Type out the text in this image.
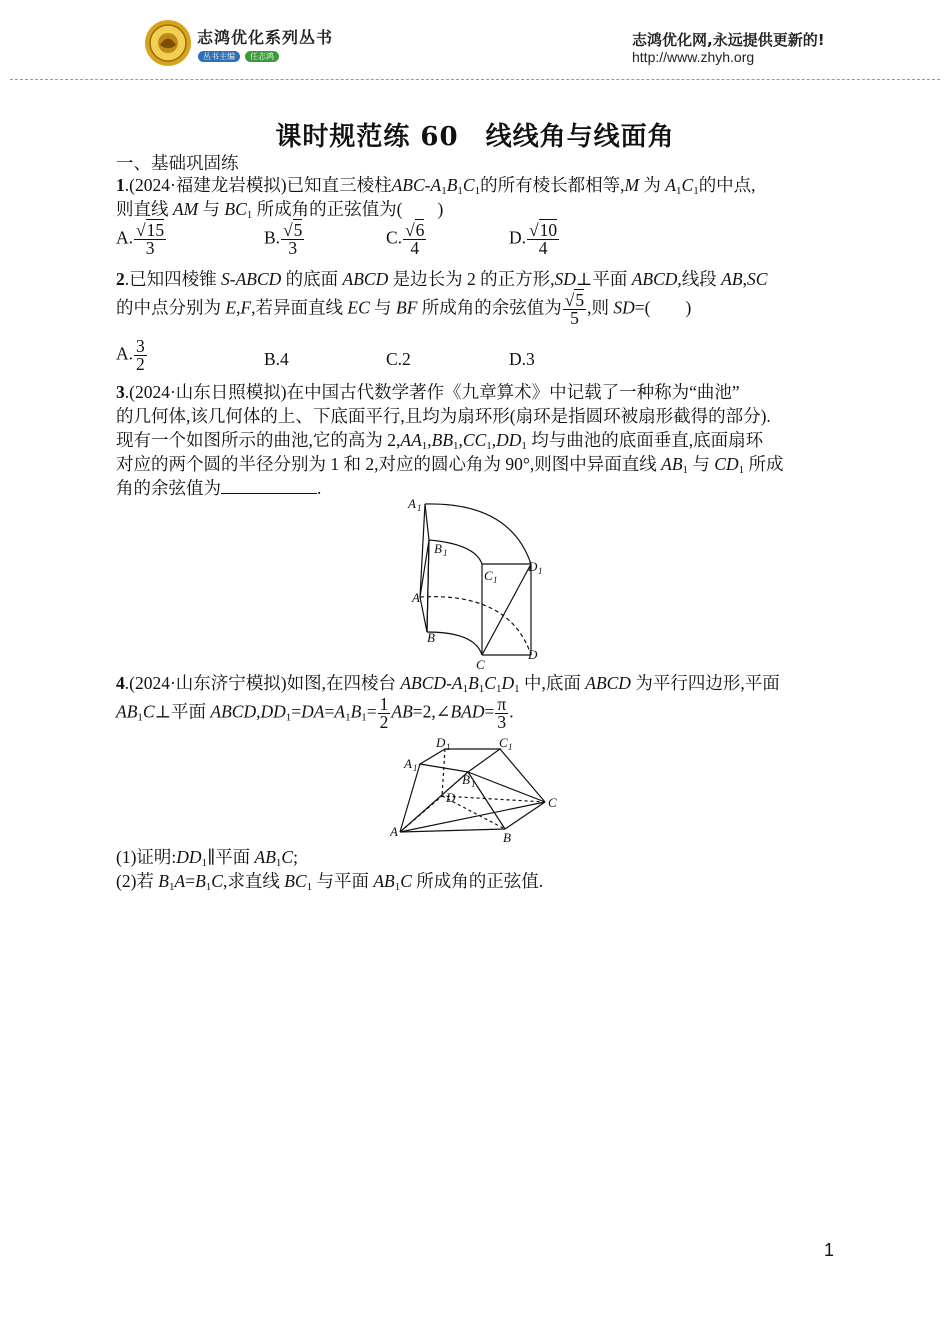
志鸿优化系列丛书
丛书主编	任志鸿
志鸿优化网,永远提供更新的!
http://www.zhyh.org
课时规范练 60　线线角与线面角
一、基础巩固练
1.(2024·福建龙岩模拟)已知直三棱柱ABC-$A_1B_1C_1$的所有棱长都相等,M 为 $A_1C_1$的中点,
则直线 AM 与 $BC_1$ 所成角的正弦值为(　　)
A. $\frac{√15}{3}$	B. $\frac{√5}{3}$	C. $\frac{√6}{4}$	D. $\frac{√10}{4}$
2.已知四棱锥 S-ABCD 的底面 ABCD 是边长为 2 的正方形,SD⊥平面 ABCD,线段 AB,SC
的中点分别为 E,F,若异面直线 EC 与 BF 所成角的余弦值为 $\frac{√5}{5}$ ,则 SD=(　　)
A. $\frac{3}{2}$	B.4	C.2	D.3
3.(2024·山东日照模拟)在中国古代数学著作《九章算术》中记载了一种称为“曲池”
的几何体,该几何体的上、下底面平行,且均为扇环形(扇环是指圆环被扇形截得的部分).
现有一个如图所示的曲池,它的高为 $2,AA_1,BB_1,CC_1,DD_1$ 均与曲池的底面垂直,底面扇环
对应的两个圆的半径分别为 1 和 2,对应的圆心角为 90°,则图中异面直线 $AB_1$ 与 $CD_1$ 所成
角的余弦值为	.
A 1
B 1
C 1
D 1
A
B
C
D
4.(2024·山东济宁模拟)如图,在四棱台 ABCD-$A_1B_1C_1D_1$ 中,底面 ABCD 为平行四边形,平面
$AB_1C\perp$平面 $ABCD,DD_1=DA=A_1B_1= \frac{1}{2}$ AB=2,∠BAD= $\frac{\pi}{3}$ .
A 1
D 1	C 1
B 1
D
A	B
C
(1)证明$:DD_1\parallel$平面 $AB_1C$;
(2)若 $B_1A=B_1C$,求直线 $BC_1$ 与平面 $AB_1C$ 所成角的正弦值.
1
